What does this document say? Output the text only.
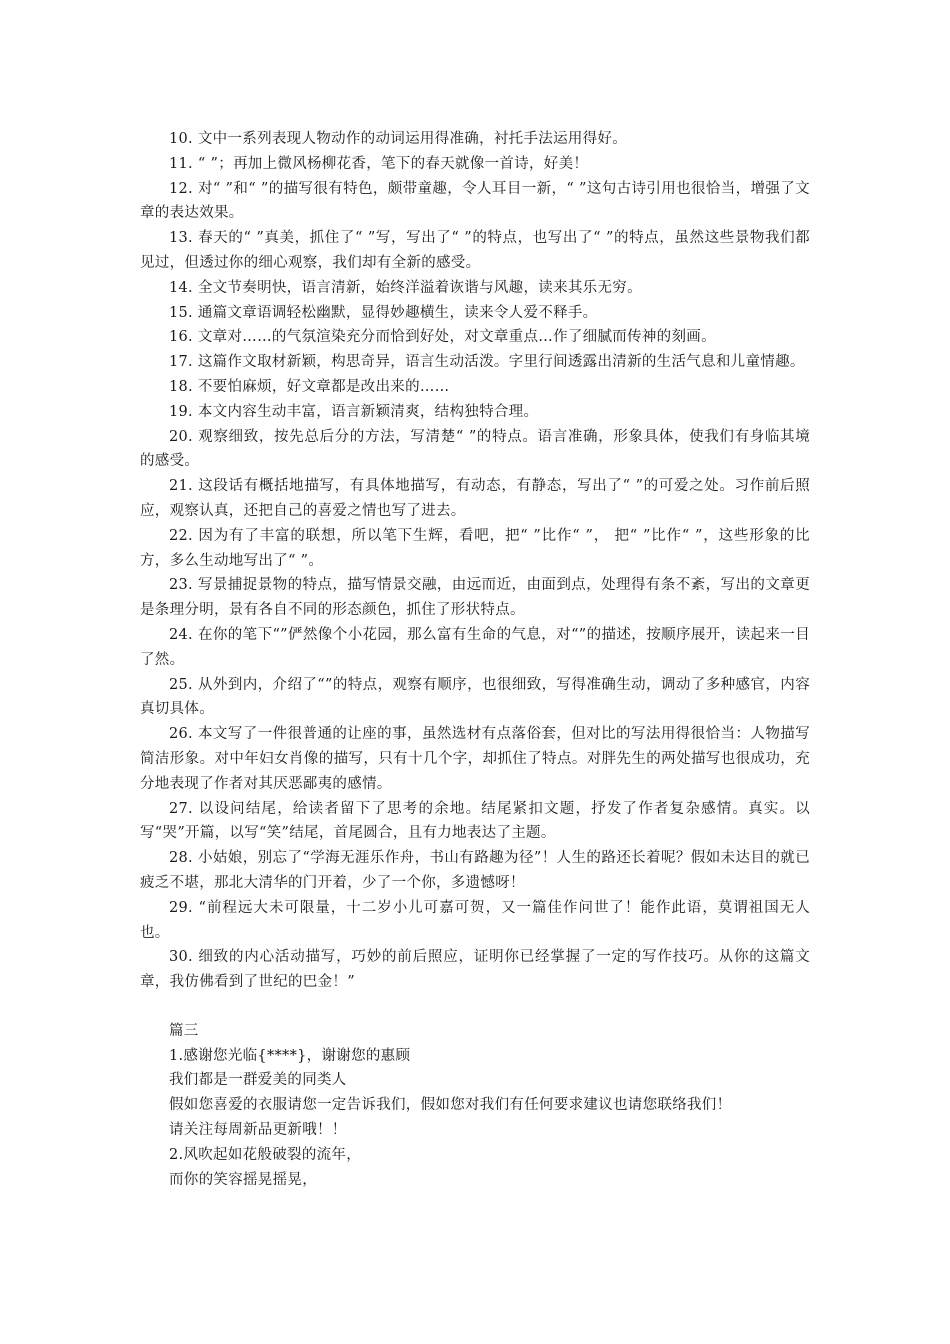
10. 文中一系列表现人物动作的动词运用得准确，衬托手法运用得好。

11. “ ”；再加上微风杨柳花香，笔下的春天就像一首诗，好美！

12. 对“ ”和“ ”的描写很有特色，颇带童趣，令人耳目一新，“ ”这句古诗引用也很恰当，增强了文章的表达效果。

13. 春天的“ ”真美，抓住了“ ”写，写出了“ ”的特点，也写出了“ ”的特点，虽然这些景物我们都见过，但透过你的细心观察，我们却有全新的感受。

14. 全文节奏明快，语言清新，始终洋溢着诙谐与风趣，读来其乐无穷。

15. 通篇文章语调轻松幽默，显得妙趣横生，读来令人爱不释手。

16. 文章对……的气氛渲染充分而恰到好处，对文章重点…作了细腻而传神的刻画。

17. 这篇作文取材新颖，构思奇异，语言生动活泼。字里行间透露出清新的生活气息和儿童情趣。

18. 不要怕麻烦，好文章都是改出来的……

19. 本文内容生动丰富，语言新颖清爽，结构独特合理。

20. 观察细致，按先总后分的方法，写清楚“ ”的特点。语言准确，形象具体，使我们有身临其境的感受。

21. 这段话有概括地描写，有具体地描写，有动态，有静态，写出了“ ”的可爱之处。习作前后照应，观察认真，还把自己的喜爱之情也写了进去。

22. 因为有了丰富的联想，所以笔下生辉，看吧，把“ ”比作“ ”， 把“ ”比作“ ”，这些形象的比方，多么生动地写出了“ ”。

23. 写景捕捉景物的特点，描写情景交融，由远而近，由面到点，处理得有条不紊，写出的文章更是条理分明，景有各自不同的形态颜色，抓住了形状特点。

24. 在你的笔下“”俨然像个小花园，那么富有生命的气息，对“”的描述，按顺序展开，读起来一目了然。

25. 从外到内，介绍了“”的特点，观察有顺序，也很细致，写得准确生动，调动了多种感官，内容真切具体。

26. 本文写了一件很普通的让座的事，虽然选材有点落俗套，但对比的写法用得很恰当：人物描写简洁形象。对中年妇女肖像的描写，只有十几个字，却抓住了特点。对胖先生的两处描写也很成功，充分地表现了作者对其厌恶鄙夷的感情。

27. 以设问结尾，给读者留下了思考的余地。结尾紧扣文题，抒发了作者复杂感情。真实。以写“哭”开篇，以写“笑”结尾，首尾圆合，且有力地表达了主题。

28. 小姑娘，别忘了“学海无涯乐作舟，书山有路趣为径”！人生的路还长着呢？假如未达目的就已疲乏不堪，那北大清华的门开着，少了一个你，多遗憾呀！

29. “前程远大未可限量，十二岁小儿可嘉可贺，又一篇佳作问世了！能作此语，莫谓祖国无人也。

30. 细致的内心活动描写，巧妙的前后照应，证明你已经掌握了一定的写作技巧。从你的这篇文章，我仿佛看到了世纪的巴金！”

篇三

1.感谢您光临{****}，谢谢您的惠顾

我们都是一群爱美的同类人

假如您喜爱的衣服请您一定告诉我们，假如您对我们有任何要求建议也请您联络我们！

请关注每周新品更新哦！！

2.风吹起如花般破裂的流年，

而你的笑容摇晃摇晃，
